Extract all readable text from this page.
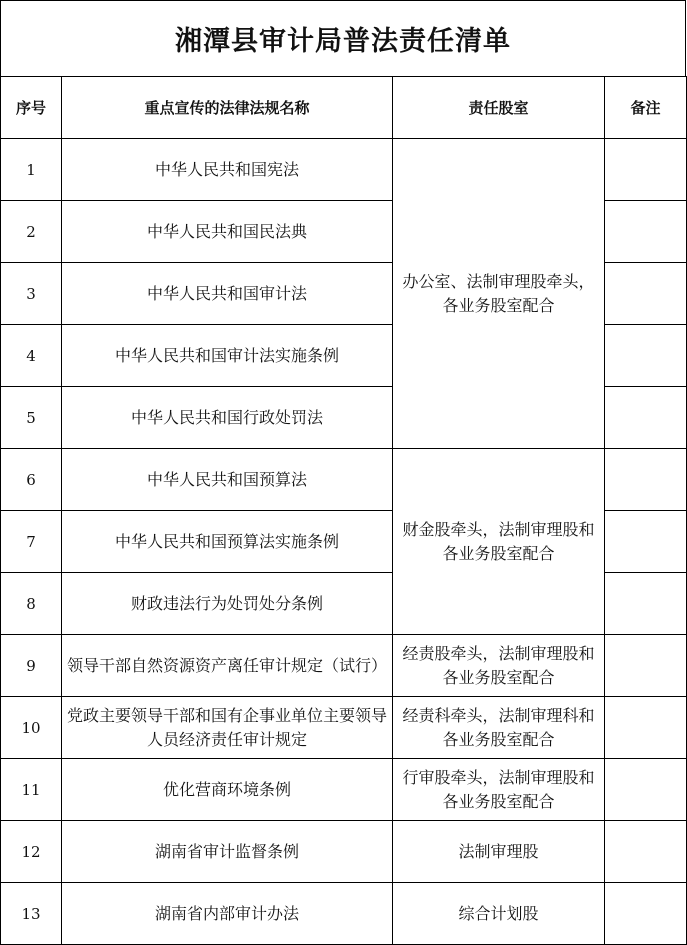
湘潭县审计局普法责任清单
序号	重点宣传的法律法规名称	责任股室	备注
1	中华人民共和国宪法	办公室、法制审理股牵头，各业务股室配合	
2	中华人民共和国民法典		
3	中华人民共和国审计法		
4	中华人民共和国审计法实施条例		
5	中华人民共和国行政处罚法		
6	中华人民共和国预算法	财金股牵头，法制审理股和各业务股室配合	
7	中华人民共和国预算法实施条例		
8	财政违法行为处罚处分条例		
9	领导干部自然资源资产离任审计规定（试行）	经责股牵头，法制审理股和各业务股室配合	
10	党政主要领导干部和国有企事业单位主要领导人员经济责任审计规定	经责科牵头，法制审理科和各业务股室配合	
11	优化营商环境条例	行审股牵头，法制审理股和各业务股室配合	
12	湖南省审计监督条例	法制审理股	
13	湖南省内部审计办法	综合计划股	
